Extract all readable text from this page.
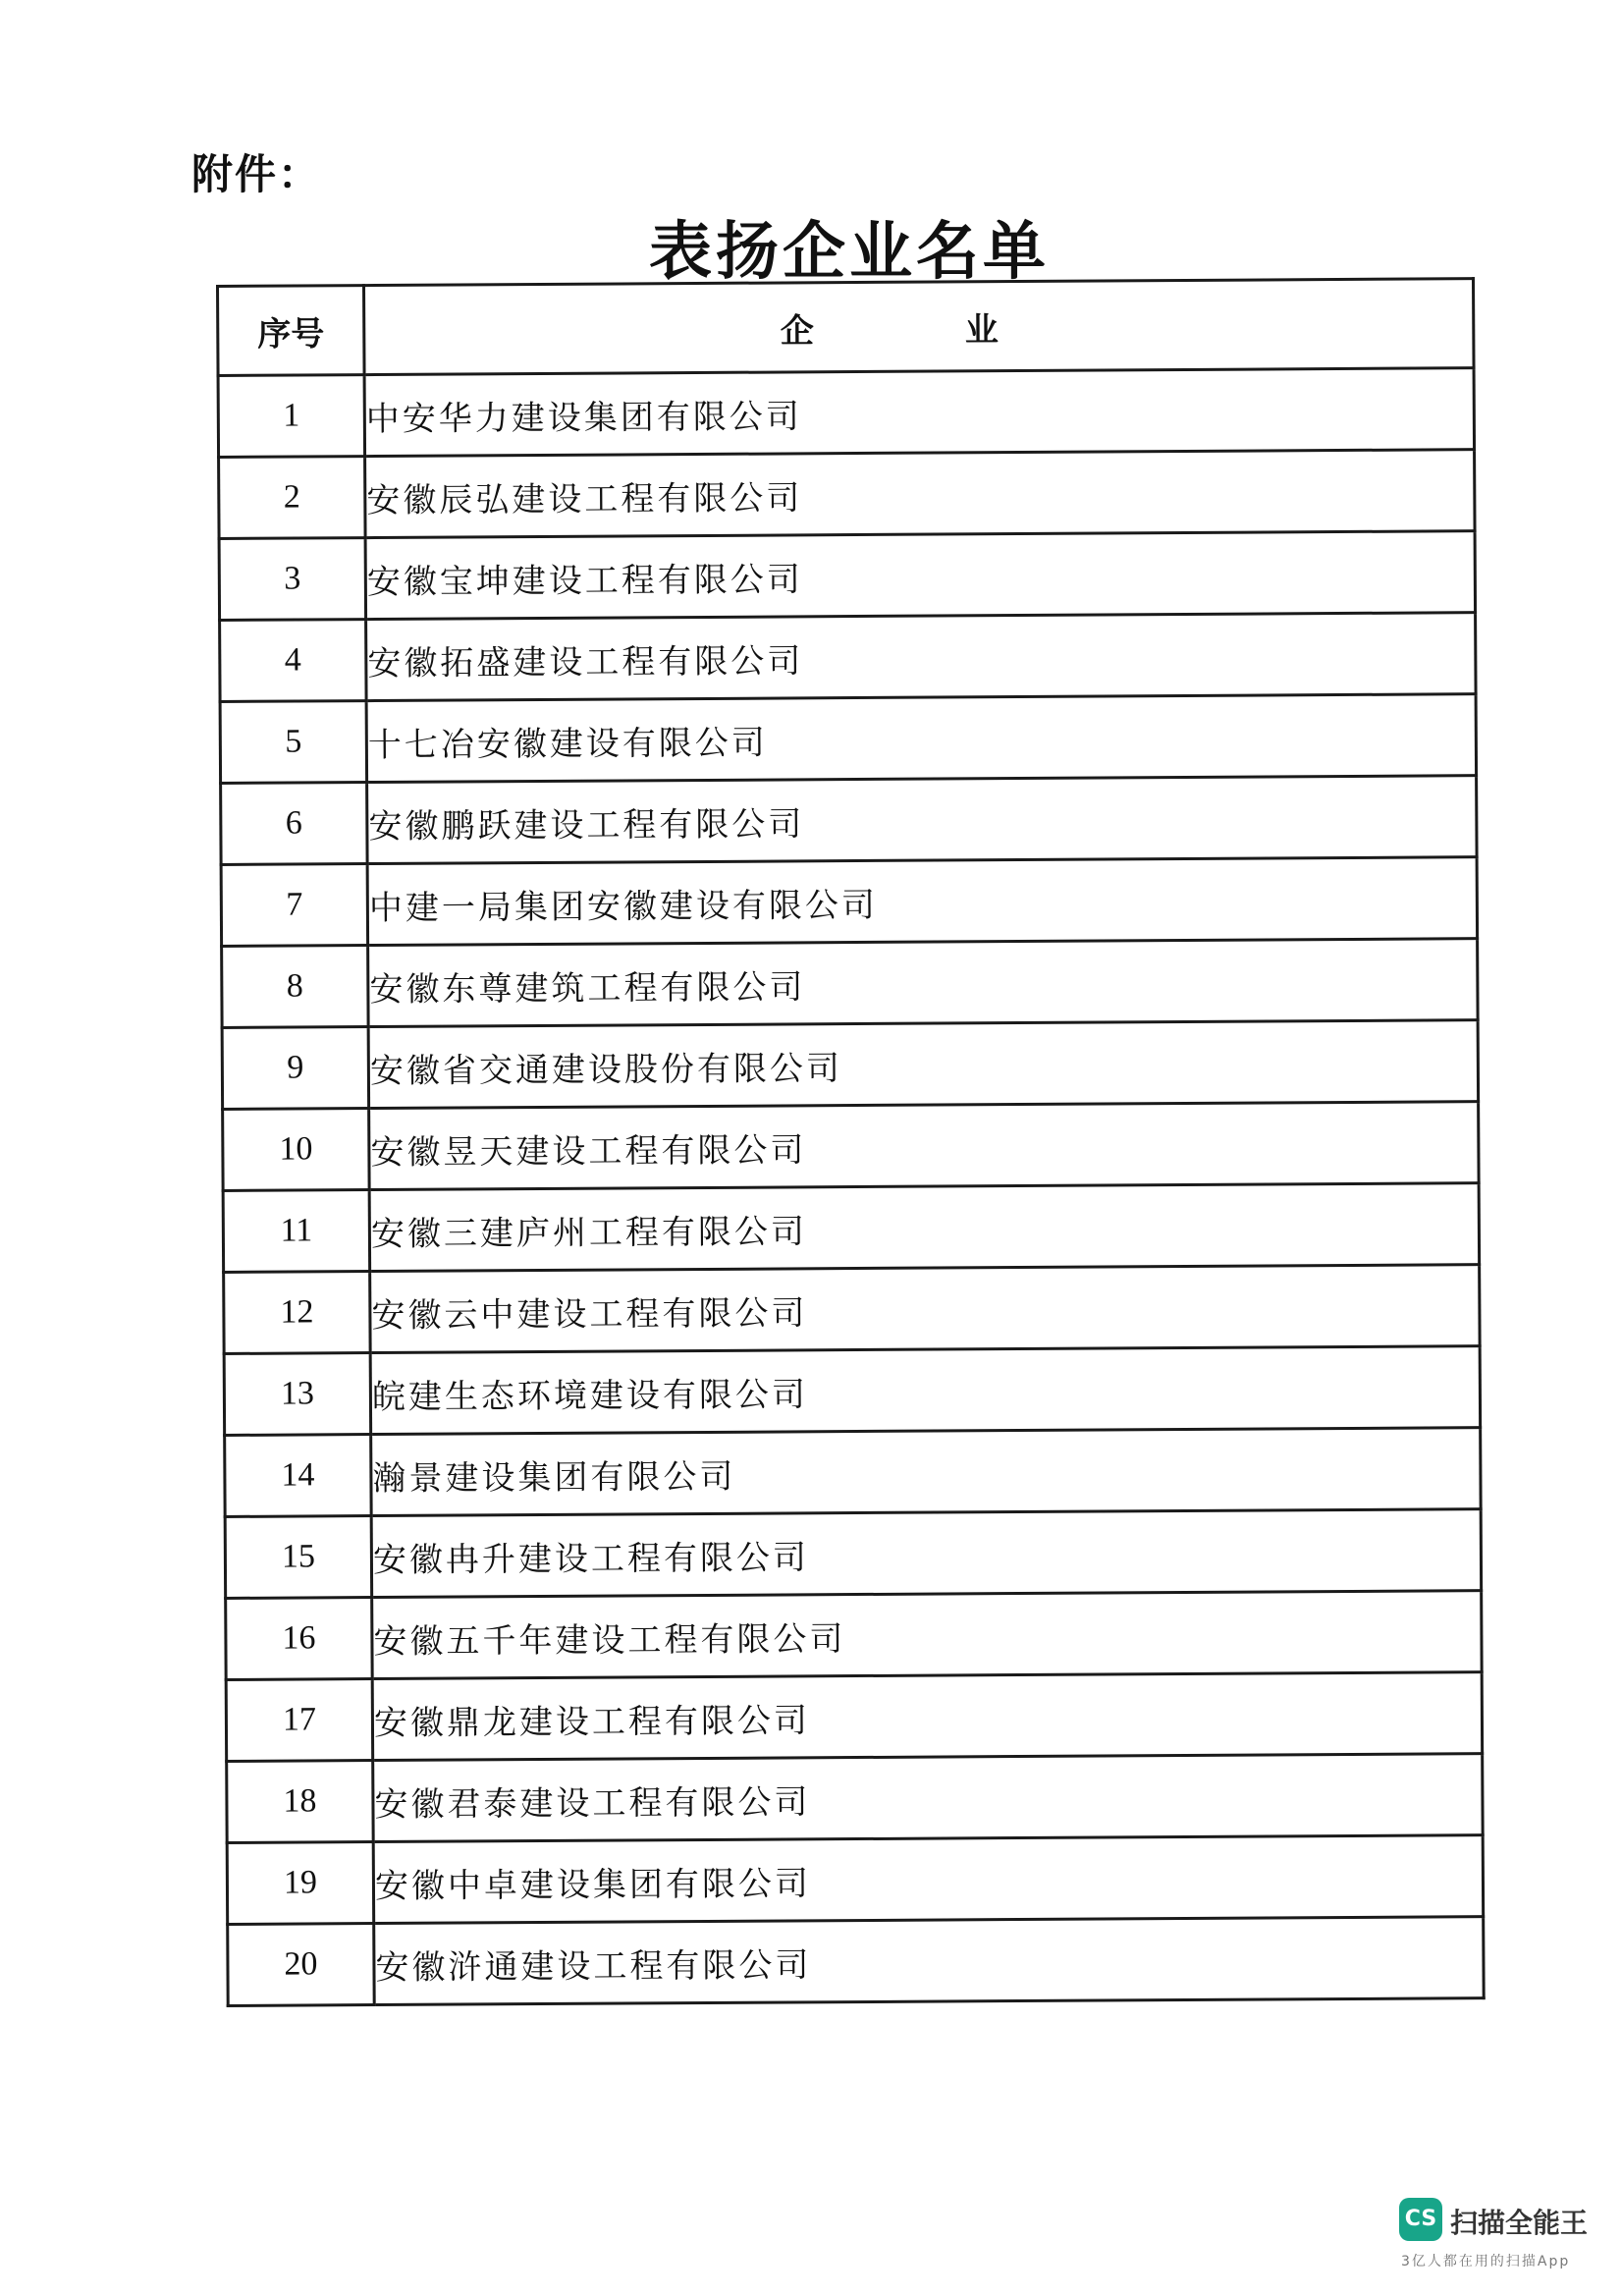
附件：
表扬企业名单
序号	企　业
1	中安华力建设集团有限公司
2	安徽辰弘建设工程有限公司
3	安徽宝坤建设工程有限公司
4	安徽拓盛建设工程有限公司
5	十七冶安徽建设有限公司
6	安徽鹏跃建设工程有限公司
7	中建一局集团安徽建设有限公司
8	安徽东尊建筑工程有限公司
9	安徽省交通建设股份有限公司
10	安徽昱天建设工程有限公司
11	安徽三建庐州工程有限公司
12	安徽云中建设工程有限公司
13	皖建生态环境建设有限公司
14	瀚景建设集团有限公司
15	安徽冉升建设工程有限公司
16	安徽五千年建设工程有限公司
17	安徽鼎龙建设工程有限公司
18	安徽君泰建设工程有限公司
19	安徽中卓建设集团有限公司
20	安徽浒通建设工程有限公司
CS 扫描全能王
3亿人都在用的扫描App
